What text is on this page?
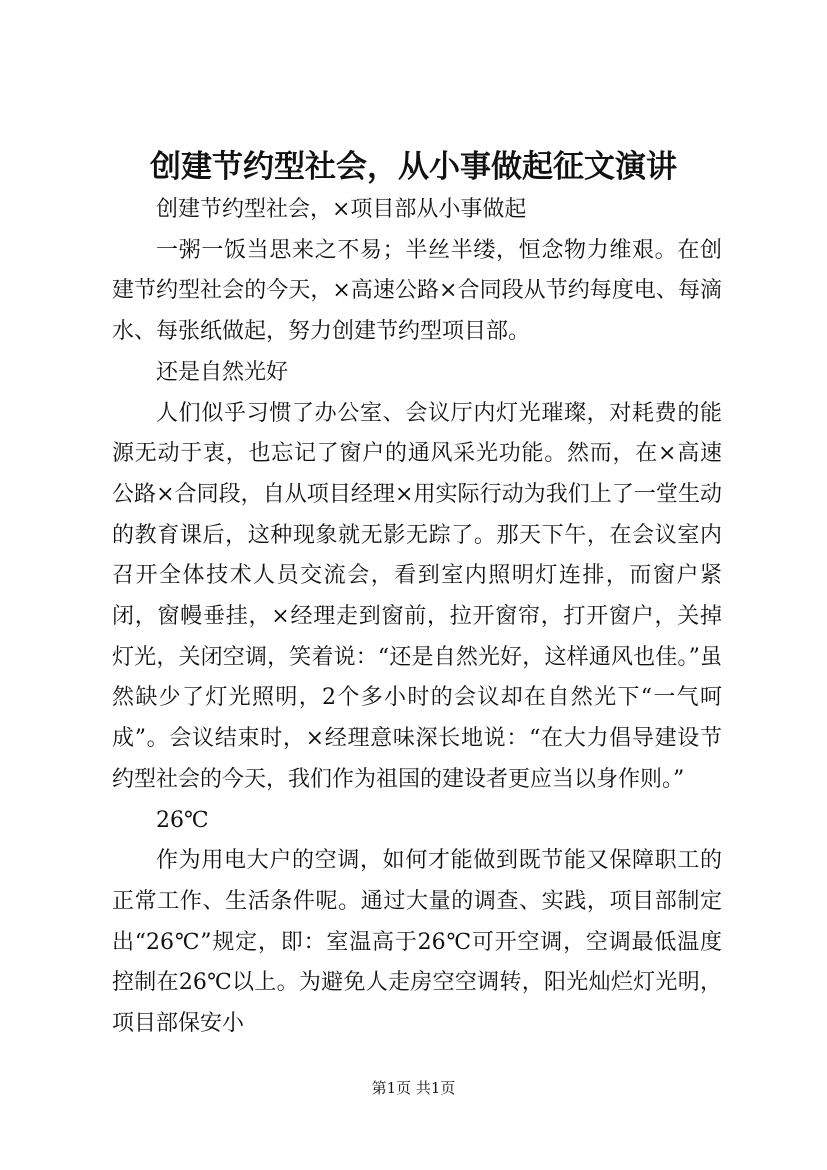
创建节约型社会，从小事做起征文演讲

创建节约型社会，×项目部从小事做起

一粥一饭当思来之不易；半丝半缕，恒念物力维艰。在创建节约型社会的今天，×高速公路×合同段从节约每度电、每滴水、每张纸做起，努力创建节约型项目部。

还是自然光好

人们似乎习惯了办公室、会议厅内灯光璀璨，对耗费的能源无动于衷，也忘记了窗户的通风采光功能。然而，在×高速公路×合同段，自从项目经理×用实际行动为我们上了一堂生动的教育课后，这种现象就无影无踪了。那天下午，在会议室内召开全体技术人员交流会，看到室内照明灯连排，而窗户紧闭，窗幔垂挂，×经理走到窗前，拉开窗帘，打开窗户，关掉灯光，关闭空调，笑着说：“还是自然光好，这样通风也佳。”虽然缺少了灯光照明，2个多小时的会议却在自然光下“一气呵成”。会议结束时，×经理意味深长地说：“在大力倡导建设节约型社会的今天，我们作为祖国的建设者更应当以身作则。”

26℃

作为用电大户的空调，如何才能做到既节能又保障职工的正常工作、生活条件呢。通过大量的调查、实践，项目部制定出“26℃”规定，即：室温高于26℃可开空调，空调最低温度控制在26℃以上。为避免人走房空空调转，阳光灿烂灯光明，项目部保安小

第1页 共1页
